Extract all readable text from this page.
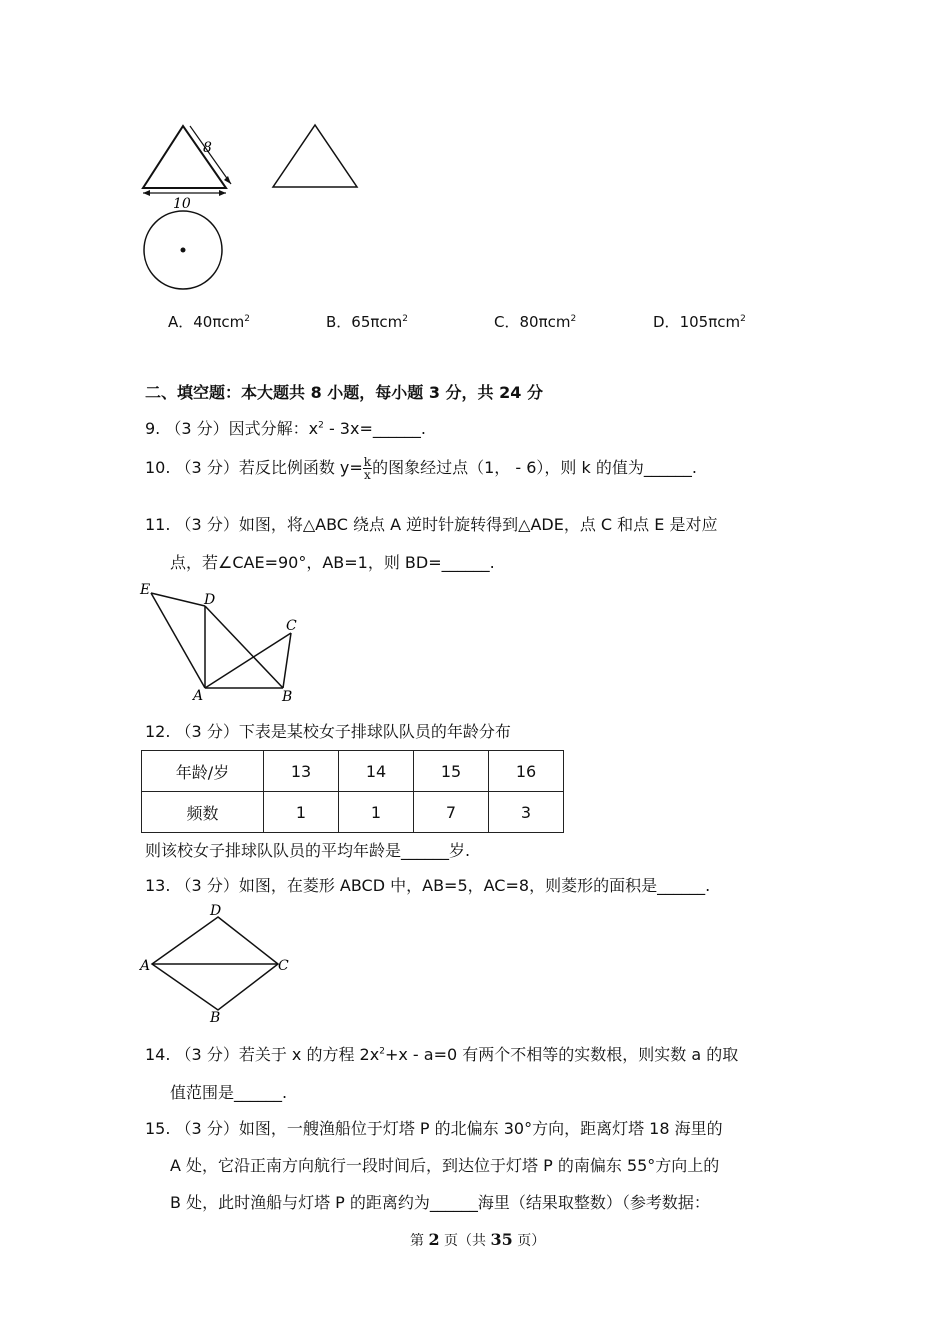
8
10
A．40πcm$^2$	B．65πcm$^2$	C．80πcm$^2$	D．105πcm$^2$
二、填空题：本大题共 8 小题，每小题 3 分，共 24 分
9. （3 分）因式分解：$x^2$ - 3x=______.
10. （3 分）若反比例函数 $y= \frac{k}{x}$ 的图象经过点（1， - 6），则 k 的值为______.
11. （3 分）如图，将△ABC 绕点 A 逆时针旋转得到△ADE，点 C 和点 E 是对应
点，若∠CAE=90°，AB=1，则 BD=______.
E
D
C
A	B
12. （3 分）下表是某校女子排球队队员的年龄分布
年龄/岁	13	14	15	16
频数	1	1	7	3
则该校女子排球队队员的平均年龄是______岁.
13. （3 分）如图，在菱形 ABCD 中，AB=5，AC=8，则菱形的面积是______.
D
A	C
B
14. （3 分）若关于 x 的方程 $2x^2+x - a=0$ 有两个不相等的实数根，则实数 a 的取
值范围是______.
15. （3 分）如图，一艘渔船位于灯塔 P 的北偏东 30°方向，距离灯塔 18 海里的
A 处，它沿正南方向航行一段时间后，到达位于灯塔 P 的南偏东 55°方向上的
B 处，此时渔船与灯塔 P 的距离约为______海里（结果取整数）（参考数据：
第 2 页（共 35 页）
